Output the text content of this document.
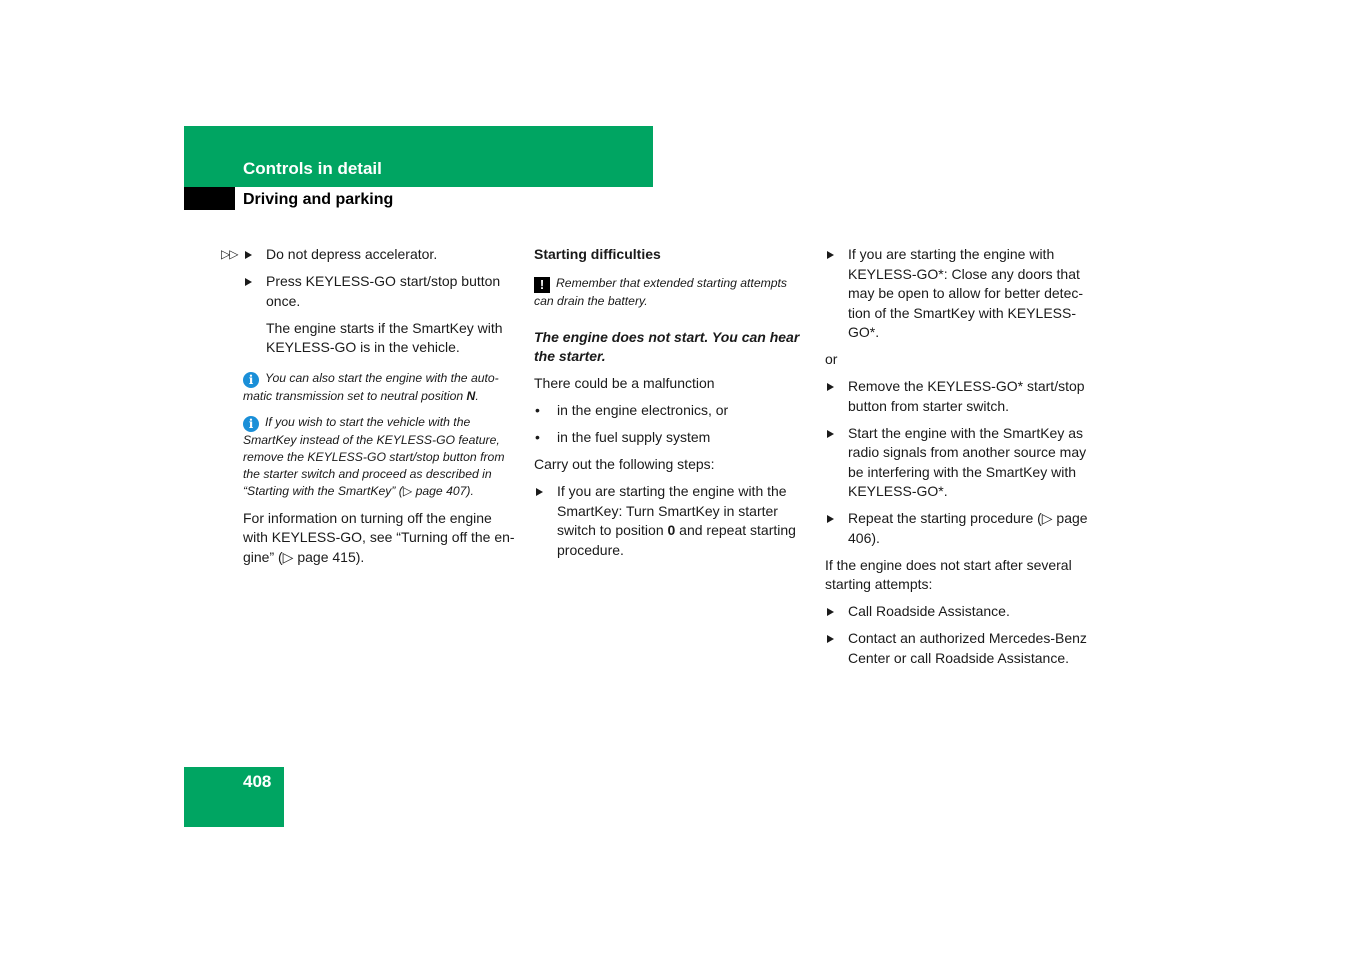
Controls in detail
Driving and parking
▷▷ Do not depress accelerator.
Press KEYLESS-GO start/stop button once.

The engine starts if the SmartKey with KEYLESS-GO is in the vehicle.

i You can also start the engine with the auto-matic transmission set to neutral position N.

i If you wish to start the vehicle with the SmartKey instead of the KEYLESS-GO feature, remove the KEYLESS-GO start/stop button from the starter switch and proceed as described in “Starting with the SmartKey” (▷ page 407).

For information on turning off the engine with KEYLESS-GO, see “Turning off the en-gine” (▷ page 415).

Starting difficulties

! Remember that extended starting attempts can drain the battery.

The engine does not start. You can hear the starter.

There could be a malfunction

• in the engine electronics, or
• in the fuel supply system

Carry out the following steps:

If you are starting the engine with the SmartKey: Turn SmartKey in starter switch to position 0 and repeat starting procedure.
If you are starting the engine with KEYLESS-GO*: Close any doors that may be open to allow for better detec-tion of the SmartKey with KEYLESS-GO*.

or

Remove the KEYLESS-GO* start/stop button from starter switch.
Start the engine with the SmartKey as radio signals from another source may be interfering with the SmartKey with KEYLESS-GO*.
Repeat the starting procedure (▷ page 406).

If the engine does not start after several starting attempts:

Call Roadside Assistance.
Contact an authorized Mercedes-Benz Center or call Roadside Assistance.
408
